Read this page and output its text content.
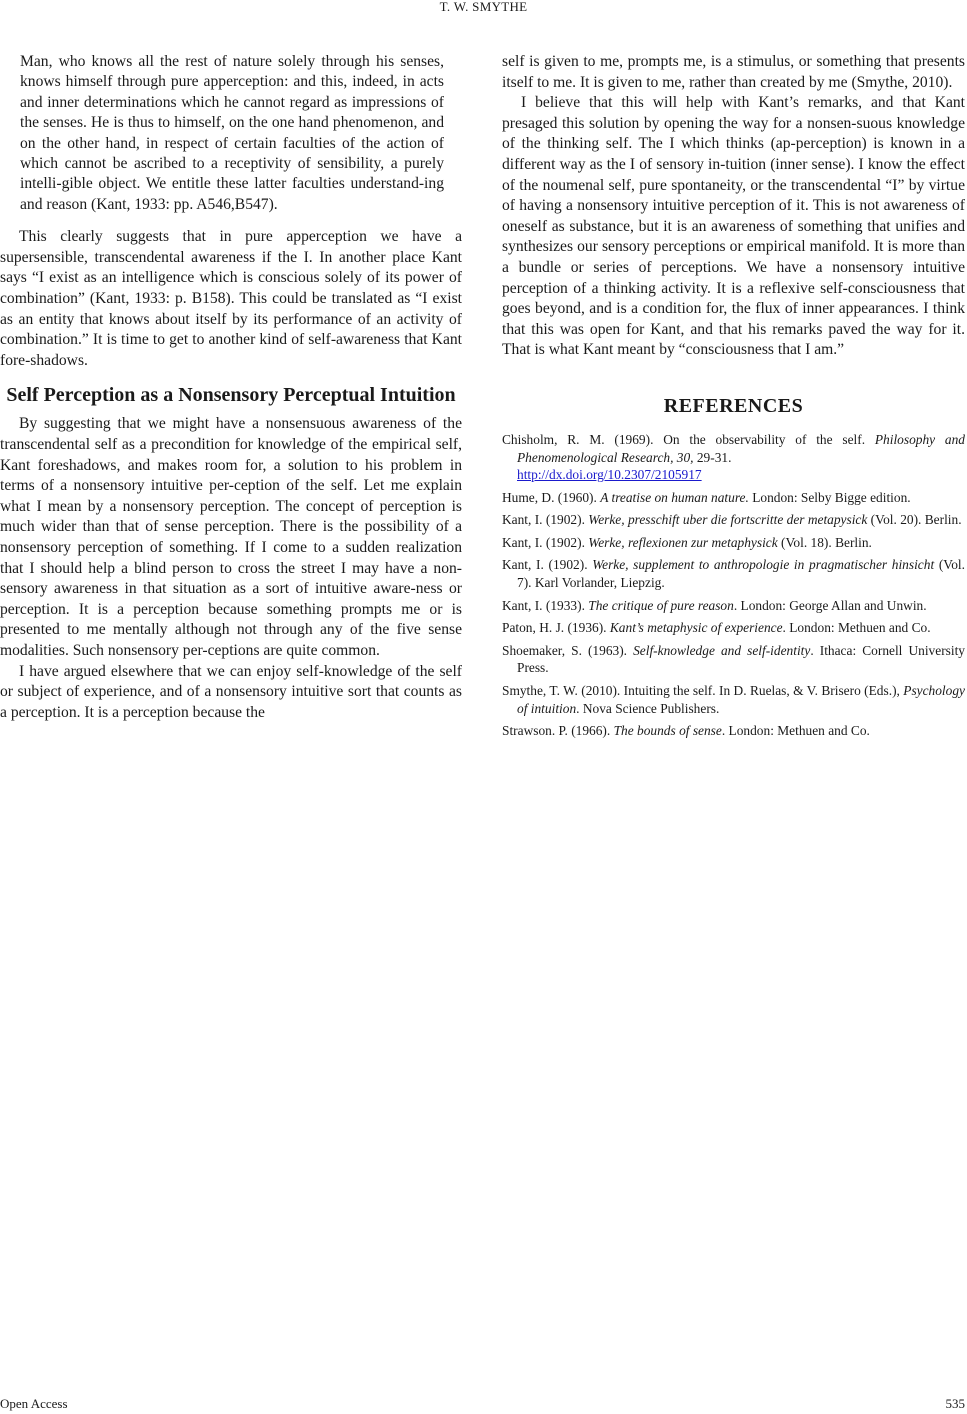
T. W. SMYTHE
Man, who knows all the rest of nature solely through his senses, knows himself through pure apperception: and this, indeed, in acts and inner determinations which he cannot regard as impressions of the senses. He is thus to himself, on the one hand phenomenon, and on the other hand, in respect of certain faculties of the action of which cannot be ascribed to a receptivity of sensibility, a purely intelli-gible object. We entitle these latter faculties understand-ing and reason (Kant, 1933: pp. A546,B547).

This clearly suggests that in pure apperception we have a supersensible, transcendental awareness if the I. In another place Kant says “I exist as an intelligence which is conscious solely of its power of combination” (Kant, 1933: p. B158). This could be translated as “I exist as an entity that knows about itself by its performance of an activity of combination.” It is time to get to another kind of self-awareness that Kant fore-shadows.

Self Perception as a Nonsensory Perceptual Intuition

By suggesting that we might have a nonsensuous awareness of the transcendental self as a precondition for knowledge of the empirical self, Kant foreshadows, and makes room for, a solution to his problem in terms of a nonsensory intuitive per-ception of the self. Let me explain what I mean by a nonsensory perception. The concept of perception is much wider than that of sense perception. There is the possibility of a nonsensory perception of something. If I come to a sudden realization that I should help a blind person to cross the street I may have a non-sensory awareness in that situation as a sort of intuitive aware-ness or perception. It is a perception because something prompts me or is presented to me mentally although not through any of the five sense modalities. Such nonsensory per-ceptions are quite common.

I have argued elsewhere that we can enjoy self-knowledge of the self or subject of experience, and of a nonsensory intuitive sort that counts as a perception. It is a perception because the

self is given to me, prompts me, is a stimulus, or something that presents itself to me. It is given to me, rather than created by me (Smythe, 2010).

I believe that this will help with Kant’s remarks, and that Kant presaged this solution by opening the way for a nonsen-suous knowledge of the thinking self. The I which thinks (ap-perception) is known in a different way as the I of sensory in-tuition (inner sense). I know the effect of the noumenal self, pure spontaneity, or the transcendental “I” by virtue of having a nonsensory intuitive perception of it. This is not awareness of oneself as substance, but it is an awareness of something that unifies and synthesizes our sensory perceptions or empirical manifold. It is more than a bundle or series of perceptions. We have a nonsensory intuitive perception of a thinking activity. It is a reflexive self-consciousness that goes beyond, and is a condition for, the flux of inner appearances. I think that this was open for Kant, and that his remarks paved the way for it. That is what Kant meant by “consciousness that I am.”

REFERENCES
Chisholm, R. M. (1969). On the observability of the self. Philosophy and Phenomenological Research, 30, 29-31.
http://dx.doi.org/10.2307/2105917
Hume, D. (1960). A treatise on human nature. London: Selby Bigge edition.
Kant, I. (1902). Werke, presschift uber die fortscritte der metapysick (Vol. 20). Berlin.
Kant, I. (1902). Werke, reflexionen zur metaphysick (Vol. 18). Berlin.
Kant, I. (1902). Werke, supplement to anthropologie in pragmatischer hinsicht (Vol. 7). Karl Vorlander, Liepzig.
Kant, I. (1933). The critique of pure reason. London: George Allan and Unwin.
Paton, H. J. (1936). Kant’s metaphysic of experience. London: Methuen and Co.
Shoemaker, S. (1963). Self-knowledge and self-identity. Ithaca: Cornell University Press.
Smythe, T. W. (2010). Intuiting the self. In D. Ruelas, & V. Brisero (Eds.), Psychology of intuition. Nova Science Publishers.
Strawson. P. (1966). The bounds of sense. London: Methuen and Co.
Open Access	535
